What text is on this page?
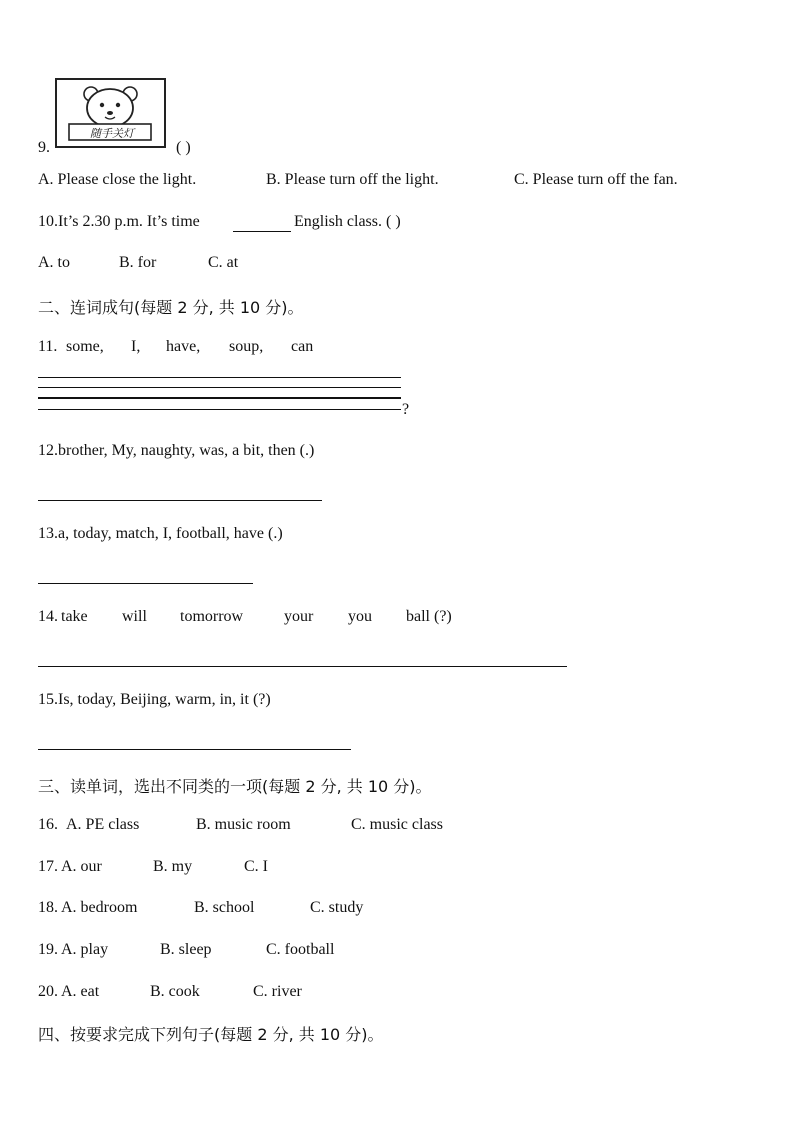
随手关灯
9.	( )
A. Please close the light.	B. Please turn off the light.	C. Please turn off the fan.
10.It’s 2.30 p.m. It’s time	English class. ( )
A. to	B. for	C. at
二、连词成句(每题 2 分, 共 10 分)。
11. some, I, have, soup, can
?
12.brother, My, naughty, was, a bit, then (.)
13.a, today, match, I, football, have (.)
14. take will tomorrow	your you ball (?)
15.Is, today, Beijing, warm, in, it (?)
三、读单词，选出不同类的一项(每题 2 分, 共 10 分)。
16. A. PE class	B. music room	C. music class
17. A. our	B. my	C. I
18. A. bedroom	B. school	C. study
19. A. play	B. sleep	C. football
20. A. eat	B. cook	C. river
四、按要求完成下列句子(每题 2 分, 共 10 分)。
